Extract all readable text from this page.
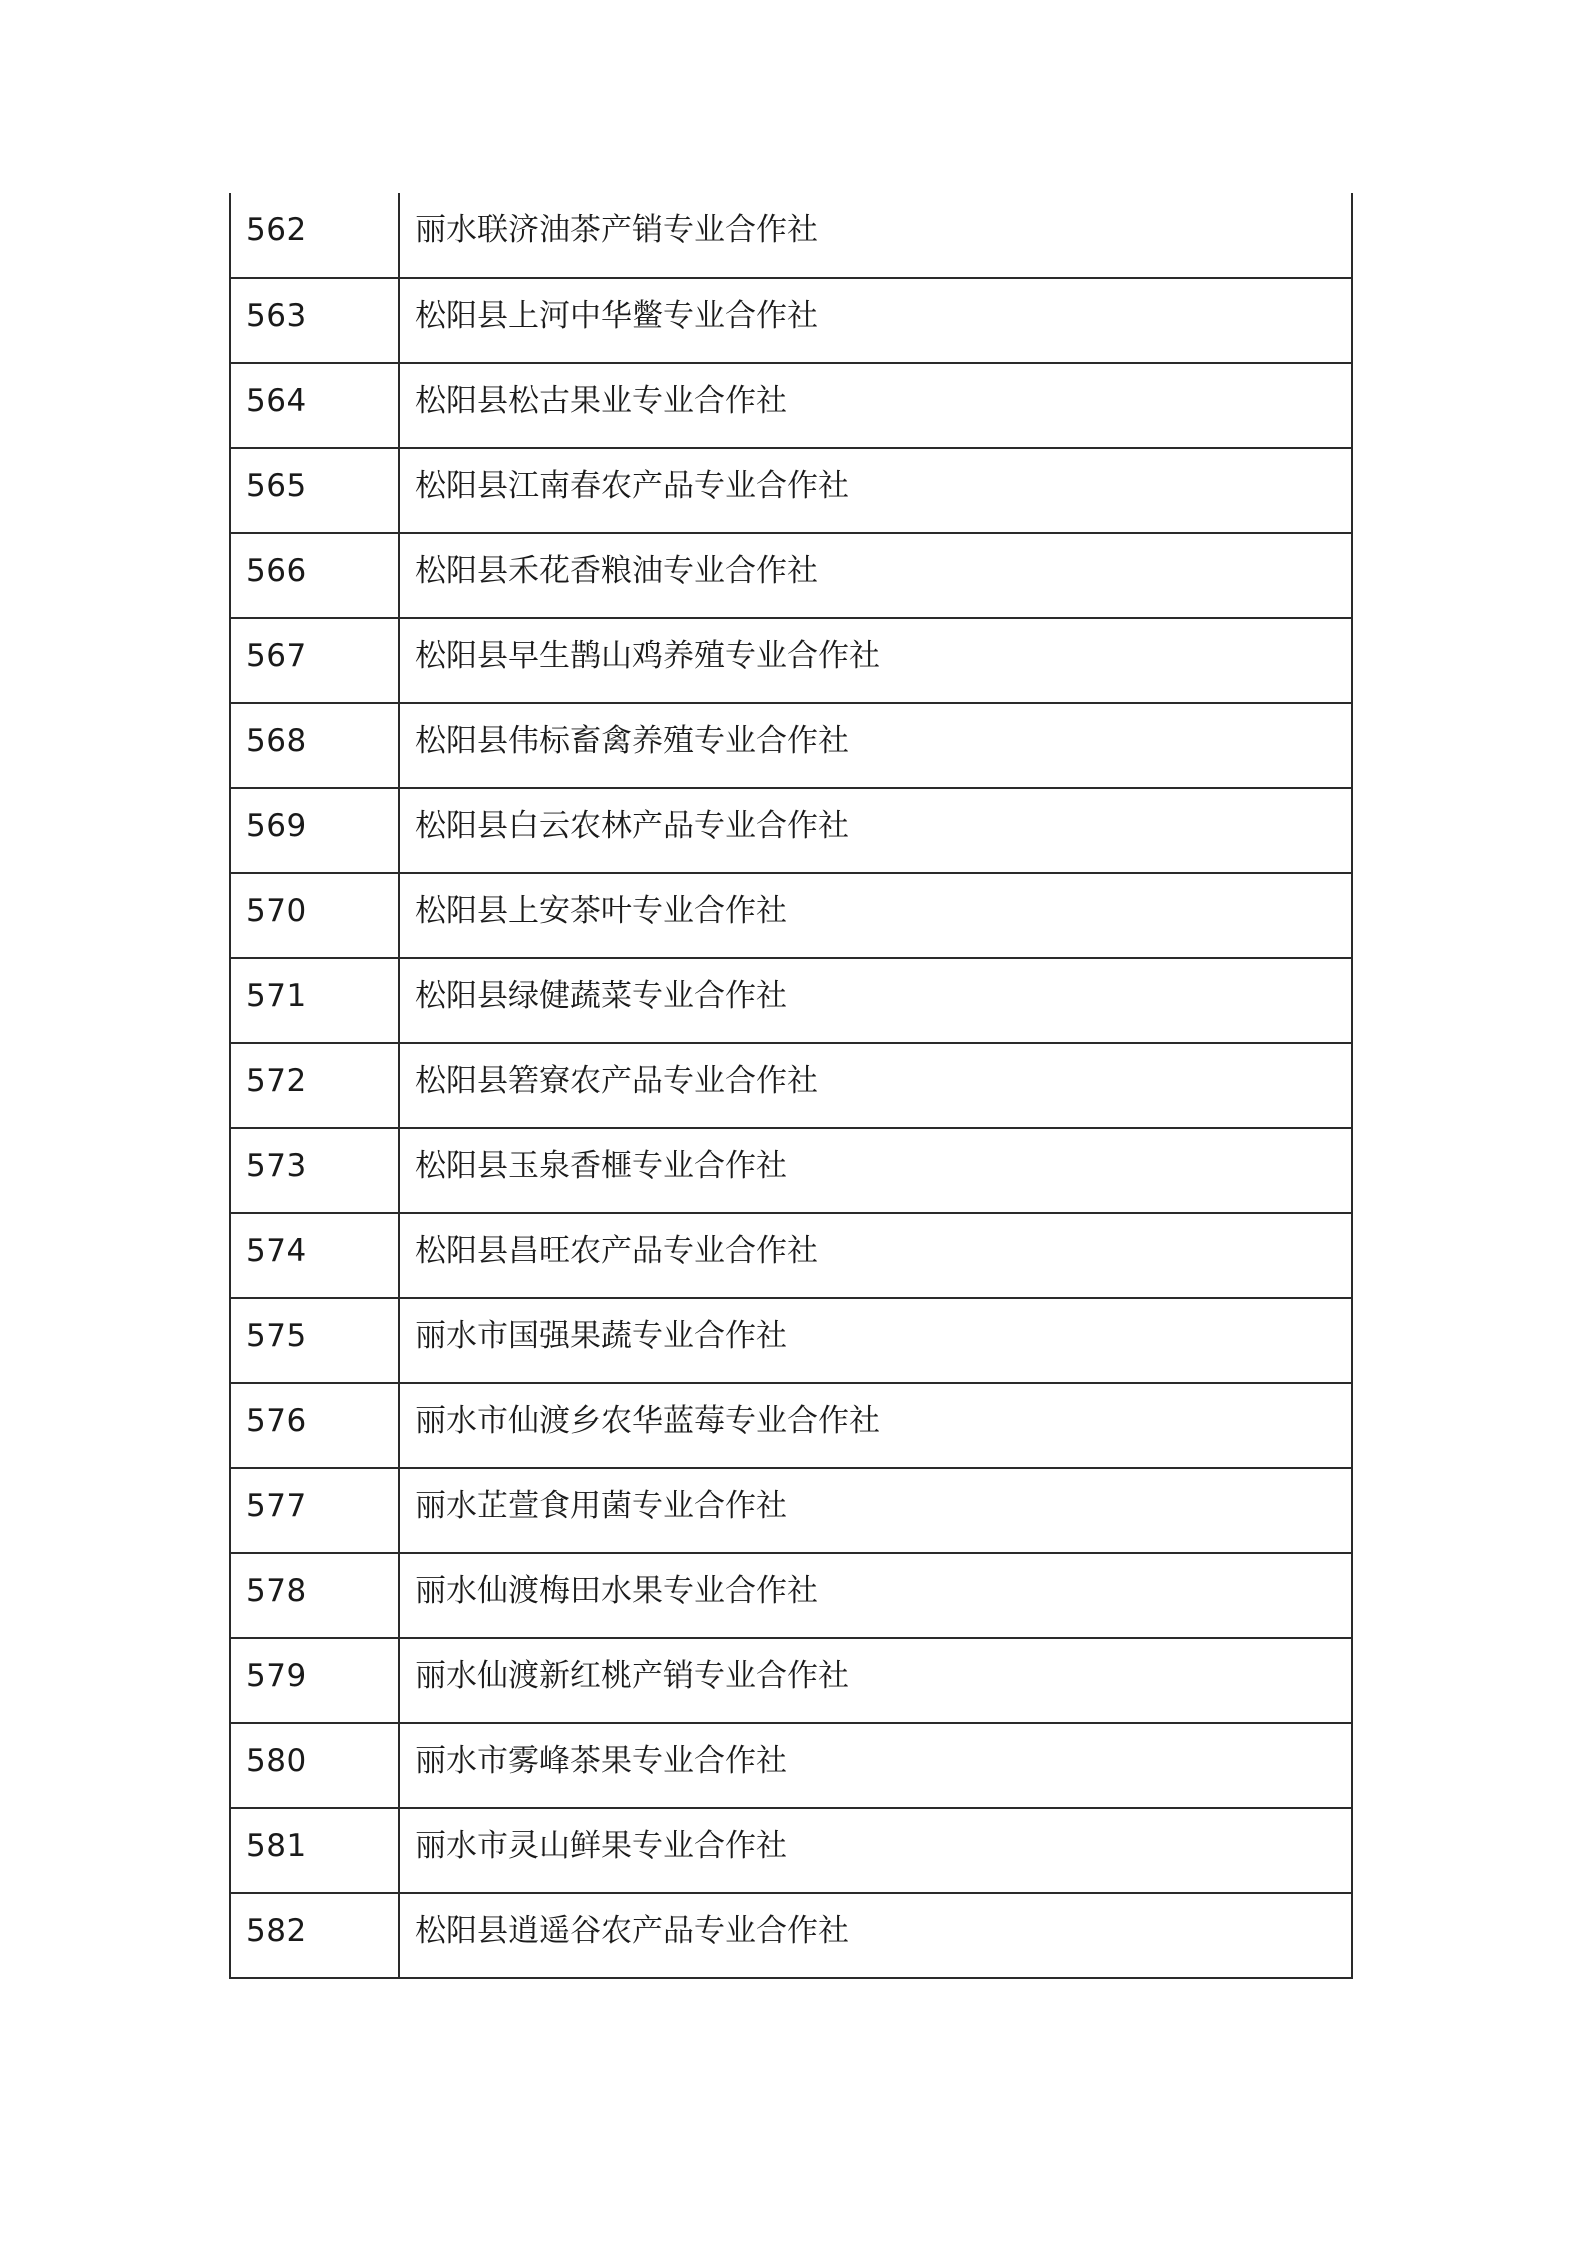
562	丽水联济油茶产销专业合作社
563	松阳县上河中华鳖专业合作社
564	松阳县松古果业专业合作社
565	松阳县江南春农产品专业合作社
566	松阳县禾花香粮油专业合作社
567	松阳县早生鹊山鸡养殖专业合作社
568	松阳县伟标畜禽养殖专业合作社
569	松阳县白云农林产品专业合作社
570	松阳县上安茶叶专业合作社
571	松阳县绿健蔬菜专业合作社
572	松阳县箬寮农产品专业合作社
573	松阳县玉泉香榧专业合作社
574	松阳县昌旺农产品专业合作社
575	丽水市国强果蔬专业合作社
576	丽水市仙渡乡农华蓝莓专业合作社
577	丽水芷萱食用菌专业合作社
578	丽水仙渡梅田水果专业合作社
579	丽水仙渡新红桃产销专业合作社
580	丽水市雾峰茶果专业合作社
581	丽水市灵山鲜果专业合作社
582	松阳县逍遥谷农产品专业合作社
